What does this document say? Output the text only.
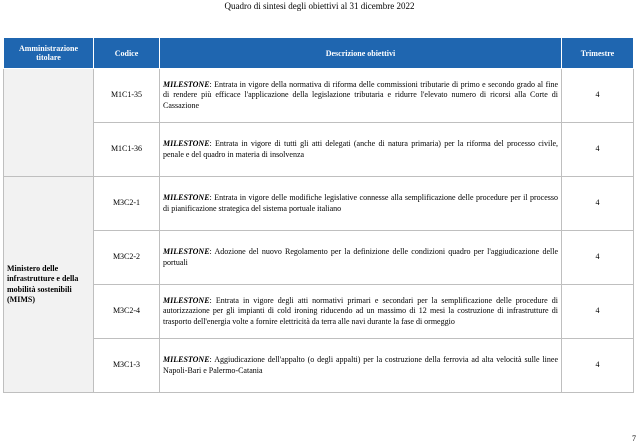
Quadro di sintesi degli obiettivi al 31 dicembre 2022
Amministrazione titolare	Codice	Descrizione obiettivi	Trimestre
	M1C1-35	MILESTONE: Entrata in vigore della normativa di riforma delle commissioni tributarie di primo e secondo grado al fine di rendere più efficace l'applicazione della legislazione tributaria e ridurre l'elevato numero di ricorsi alla Corte di Cassazione	4
	M1C1-36	MILESTONE: Entrata in vigore di tutti gli atti delegati (anche di natura primaria) per la riforma del processo civile, penale e del quadro in materia di insolvenza	4
Ministero delle infrastrutture e della mobilità sostenibili (MIMS)	M3C2-1	MILESTONE: Entrata in vigore delle modifiche legislative connesse alla semplificazione delle procedure per il processo di pianificazione strategica del sistema portuale italiano	4
	M3C2-2	MILESTONE: Adozione del nuovo Regolamento per la definizione delle condizioni quadro per l'aggiudicazione delle portuali	4
	M3C2-4	MILESTONE: Entrata in vigore degli atti normativi primari e secondari per la semplificazione delle procedure di autorizzazione per gli impianti di cold ironing riducendo ad un massimo di 12 mesi la costruzione di infrastrutture di trasporto dell'energia volte a fornire elettricità da terra alle navi durante la fase di ormeggio	4
	M3C1-3	MILESTONE: Aggiudicazione dell'appalto (o degli appalti) per la costruzione della ferrovia ad alta velocità sulle linee Napoli-Bari e Palermo-Catania	4
7
